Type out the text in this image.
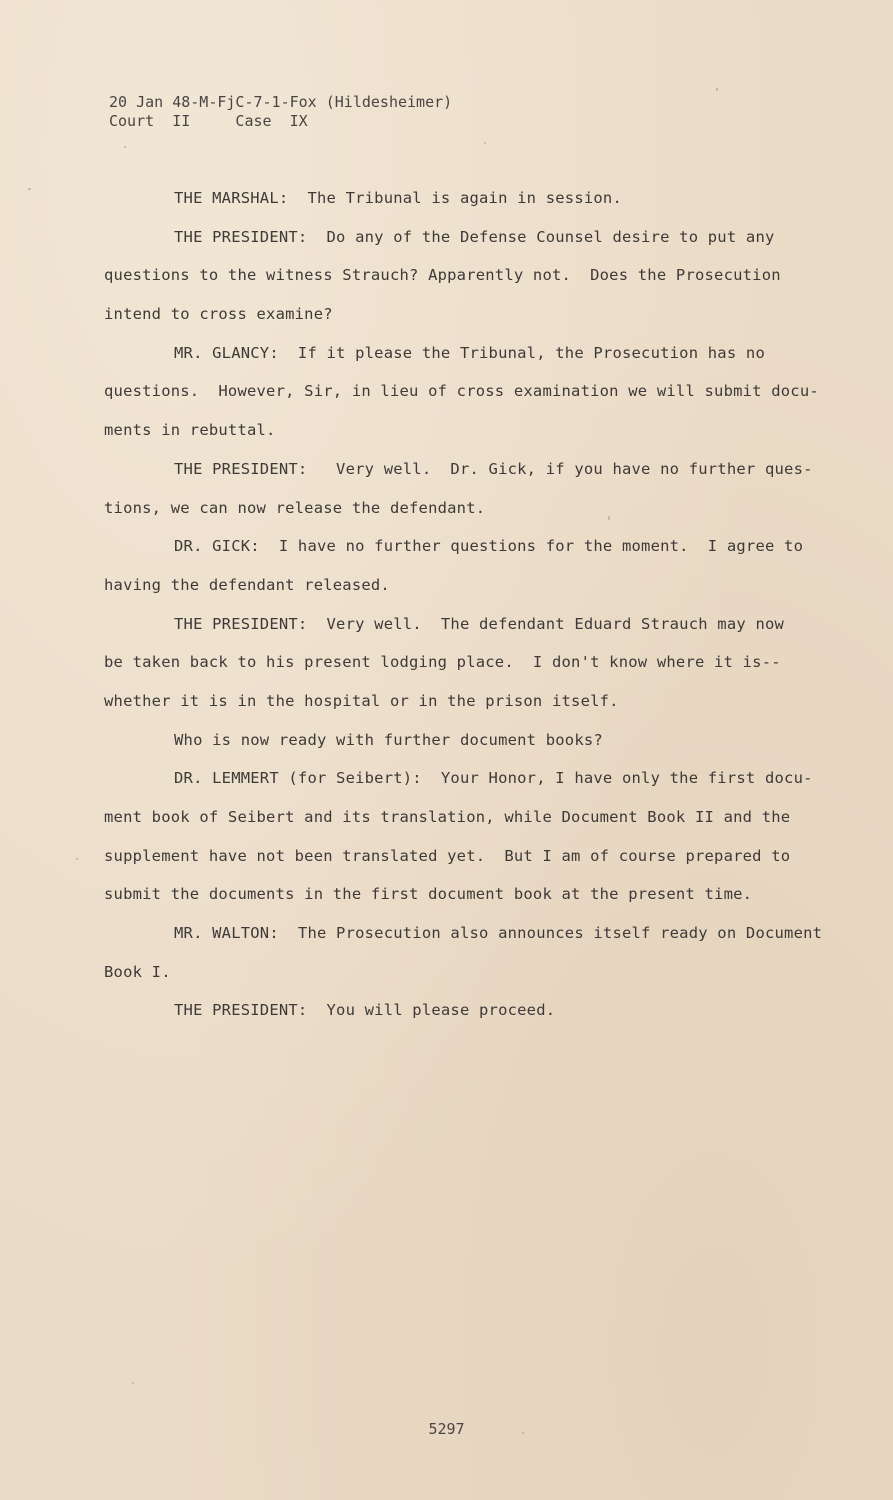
20 Jan 48-M-FjC-7-1-Fox (Hildesheimer)
Court  II     Case  IX
THE MARSHAL:  The Tribunal is again in session.
THE PRESIDENT:  Do any of the Defense Counsel desire to put any
questions to the witness Strauch? Apparently not.  Does the Prosecution
intend to cross examine?
MR. GLANCY:  If it please the Tribunal, the Prosecution has no
questions.  However, Sir, in lieu of cross examination we will submit docu-
ments in rebuttal.
THE PRESIDENT:   Very well.  Dr. Gick, if you have no further ques-
tions, we can now release the defendant.
DR. GICK:  I have no further questions for the moment.  I agree to
having the defendant released.
THE PRESIDENT:  Very well.  The defendant Eduard Strauch may now
be taken back to his present lodging place.  I don't know where it is--
whether it is in the hospital or in the prison itself.
Who is now ready with further document books?
DR. LEMMERT (for Seibert):  Your Honor, I have only the first docu-
ment book of Seibert and its translation, while Document Book II and the
supplement have not been translated yet.  But I am of course prepared to
submit the documents in the first document book at the present time.
MR. WALTON:  The Prosecution also announces itself ready on Document
Book I.
THE PRESIDENT:  You will please proceed.
5297
